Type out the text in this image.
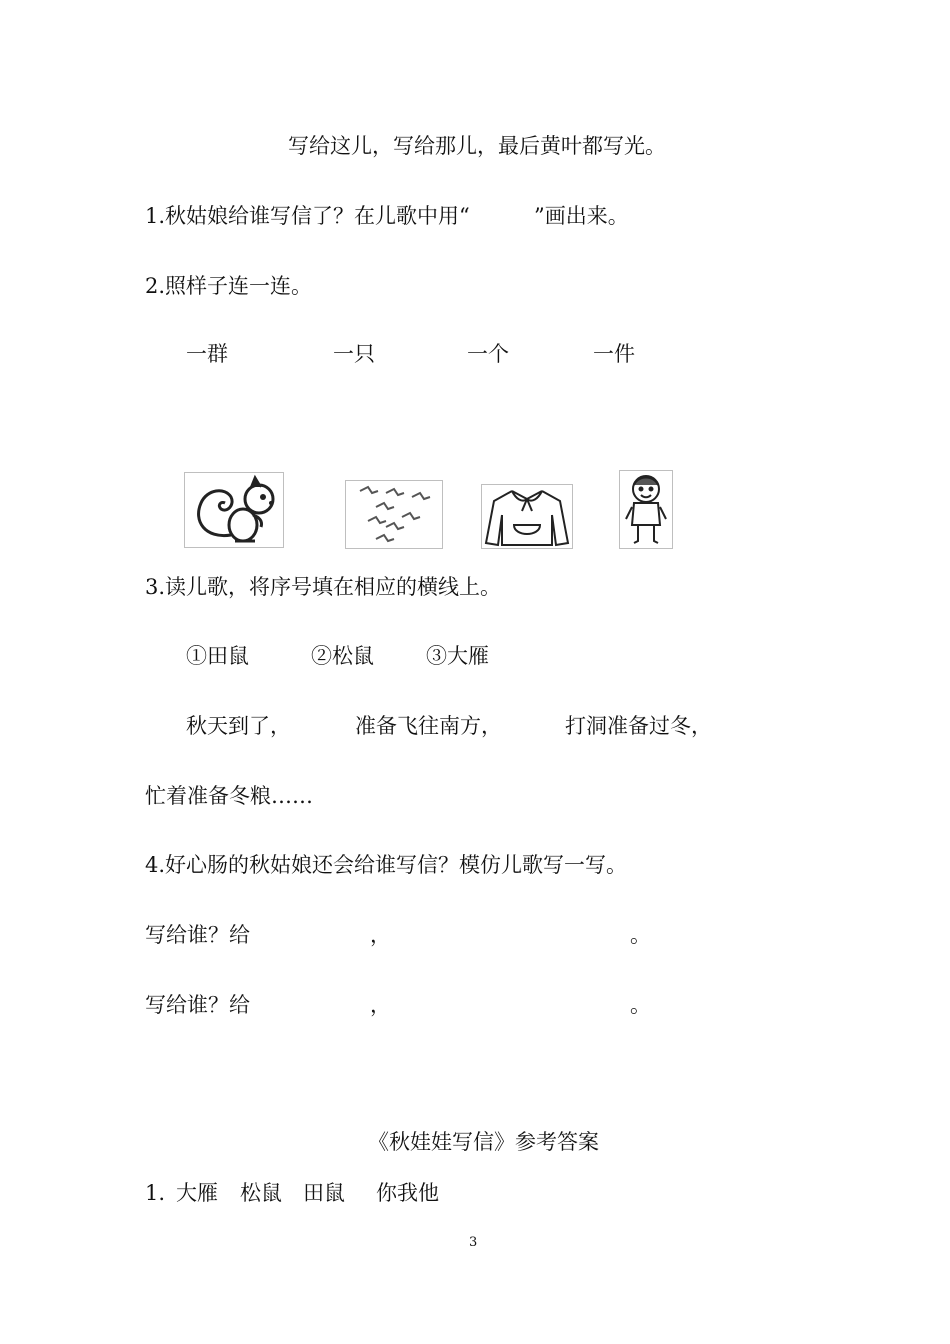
写给这儿，写给那儿，最后黄叶都写光。
1.秋姑娘给谁写信了？在儿歌中用“	”画出来。
2.照样子连一连。
一群	一只	一个	一件
3.读儿歌，将序号填在相应的横线上。
①田鼠	②松鼠 ③大雁
秋天到了，	准备飞往南方，	打洞准备过冬，
忙着准备冬粮……
4.好心肠的秋姑娘还会给谁写信？模仿儿歌写一写。
写给谁？给	，	。
写给谁？给	，	。
《秋娃娃写信》参考答案
1. 大雁 松鼠 田鼠 你我他
3
